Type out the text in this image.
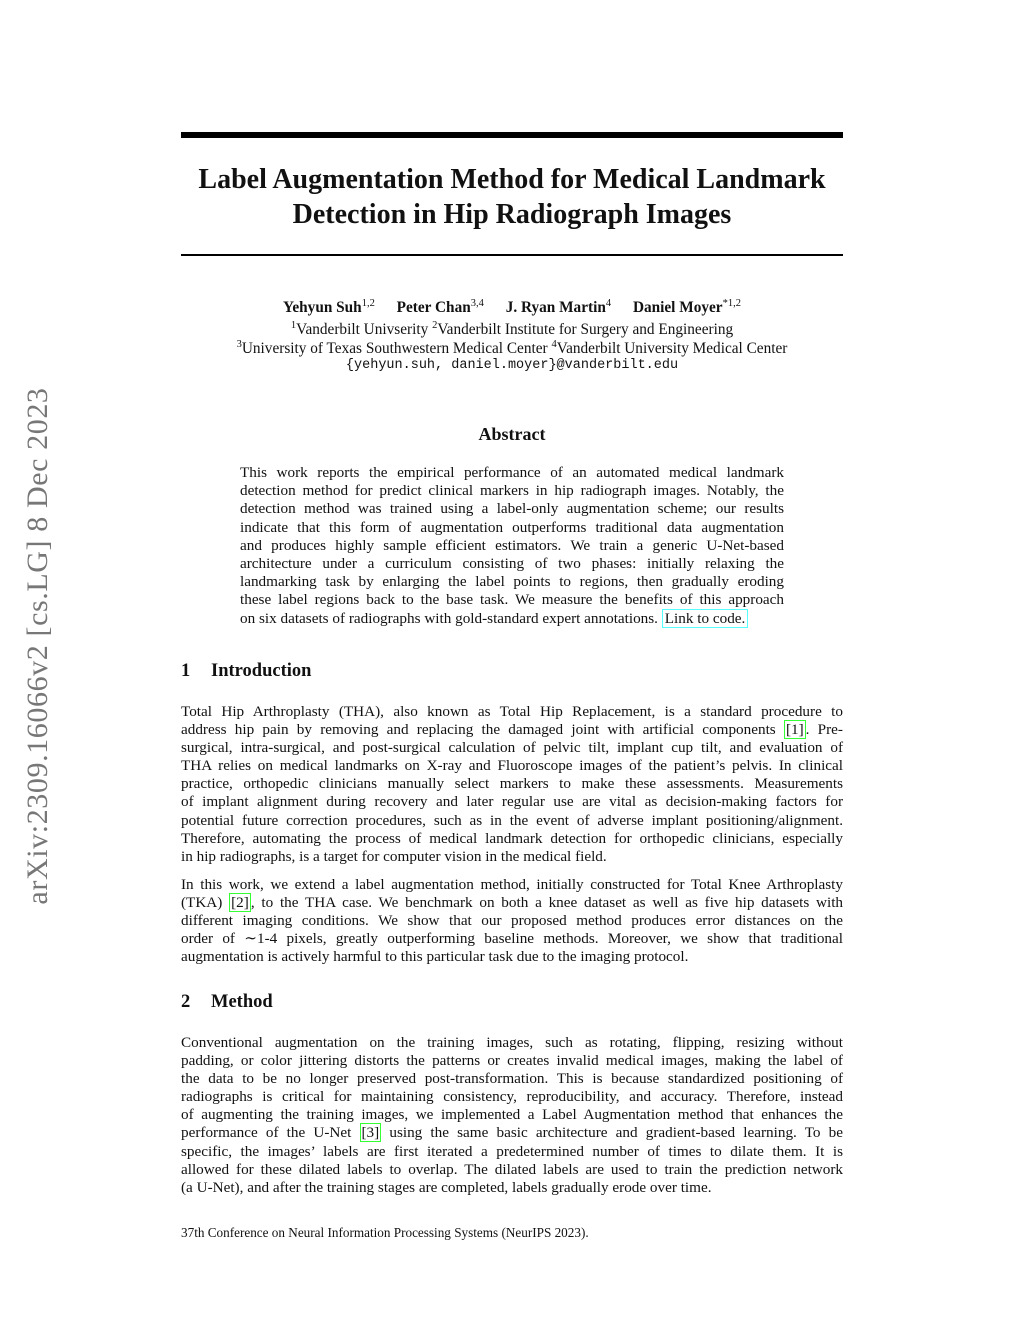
arXiv:2309.16066v2 [cs.LG] 8 Dec 2023
Label Augmentation Method for Medical Landmark
Detection in Hip Radiograph Images
Yehyun Suh$^{1,2}$ Peter Chan$^{3,4}$ J. Ryan Martin$^4$ Daniel Moyer$^{*1,2}$
$^1$Vanderbilt Univserity $^2$Vanderbilt Institute for Surgery and Engineering
$^3$University of Texas Southwestern Medical Center $^4$Vanderbilt University Medical Center
{yehyun.suh, daniel.moyer}@vanderbilt.edu
Abstract
This work reports the empirical performance of an automated medical landmark
detection method for predict clinical markers in hip radiograph images. Notably, the
detection method was trained using a label-only augmentation scheme; our results
indicate that this form of augmentation outperforms traditional data augmentation
and produces highly sample efficient estimators. We train a generic U-Net-based
architecture under a curriculum consisting of two phases: initially relaxing the
landmarking task by enlarging the label points to regions, then gradually eroding
these label regions back to the base task. We measure the benefits of this approach
on six datasets of radiographs with gold-standard expert annotations. Link to code.
1 Introduction
Total Hip Arthroplasty (THA), also known as Total Hip Replacement, is a standard procedure to
address hip pain by removing and replacing the damaged joint with artificial components [1] . Pre-
surgical, intra-surgical, and post-surgical calculation of pelvic tilt, implant cup tilt, and evaluation of
THA relies on medical landmarks on X-ray and Fluoroscope images of the patient’s pelvis. In clinical
practice, orthopedic clinicians manually select markers to make these assessments. Measurements
of implant alignment during recovery and later regular use are vital as decision-making factors for
potential future correction procedures, such as in the event of adverse implant positioning/alignment.
Therefore, automating the process of medical landmark detection for orthopedic clinicians, especially
in hip radiographs, is a target for computer vision in the medical field.
In this work, we extend a label augmentation method, initially constructed for Total Knee Arthroplasty
(TKA) [2] , to the THA case. We benchmark on both a knee dataset as well as five hip datasets with
different imaging conditions. We show that our proposed method produces error distances on the
order of ∼1-4 pixels, greatly outperforming baseline methods. Moreover, we show that traditional
augmentation is actively harmful to this particular task due to the imaging protocol.
2 Method
Conventional augmentation on the training images, such as rotating, flipping, resizing without
padding, or color jittering distorts the patterns or creates invalid medical images, making the label of
the data to be no longer preserved post-transformation. This is because standardized positioning of
radiographs is critical for maintaining consistency, reproducibility, and accuracy. Therefore, instead
of augmenting the training images, we implemented a Label Augmentation method that enhances the
performance of the U-Net [3] using the same basic architecture and gradient-based learning. To be
specific, the images’ labels are first iterated a predetermined number of times to dilate them. It is
allowed for these dilated labels to overlap. The dilated labels are used to train the prediction network
(a U-Net), and after the training stages are completed, labels gradually erode over time.
37th Conference on Neural Information Processing Systems (NeurIPS 2023).
